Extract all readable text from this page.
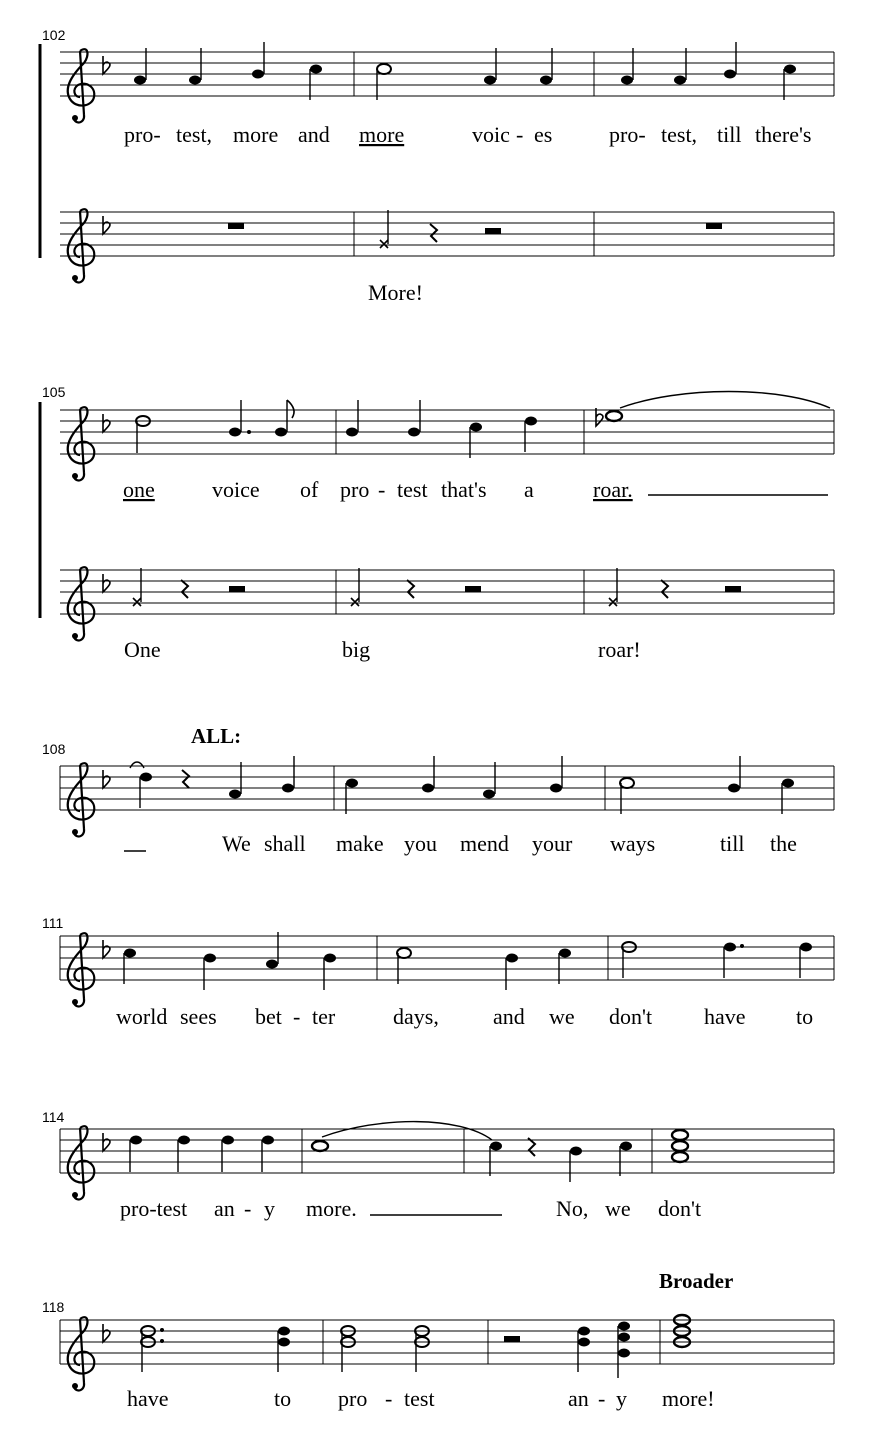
102
pro- test, more and more	voic - es	pro- test, till there's
More!
105
one	voice of pro - test that's a	roar.
One	big	roar!
108
ALL:
We shall make you mend your ways	till the
111
world sees bet - ter	days, and we don't have to
114
pro-test an - y more.	No, we don't
118
Broader
have	to pro - test	an - y more!
